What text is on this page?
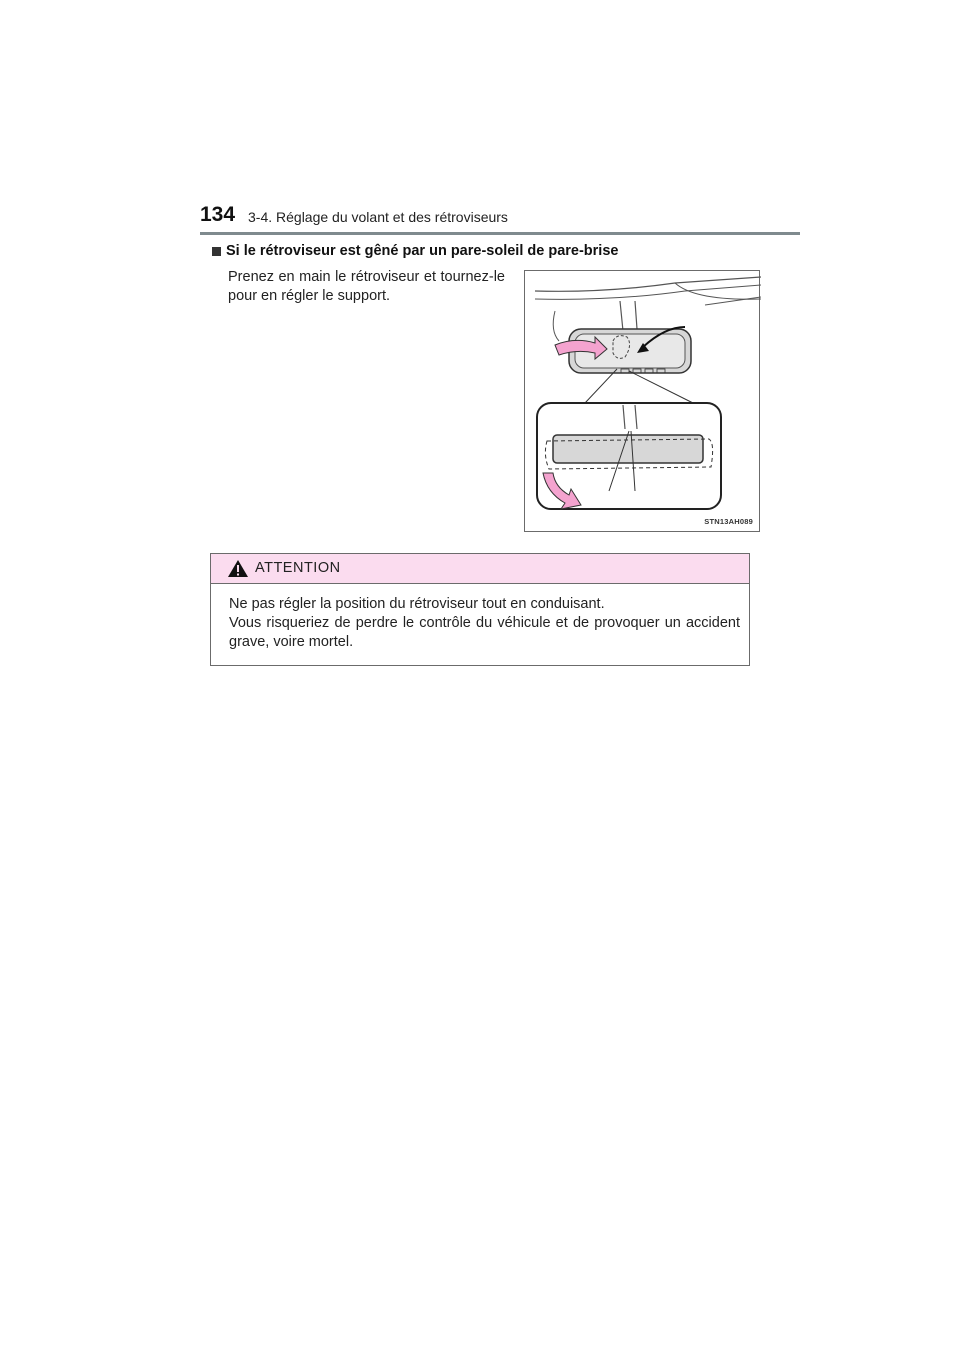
134 3-4. Réglage du volant et des rétroviseurs
Si le rétroviseur est gêné par un pare-soleil de pare-brise
Prenez en main le rétroviseur et tournez-le pour en régler le support.
STN13AH089
ATTENTION

Ne pas régler la position du rétroviseur tout en conduisant.

Vous risqueriez de perdre le contrôle du véhicule et de provoquer un accident grave, voire mortel.
